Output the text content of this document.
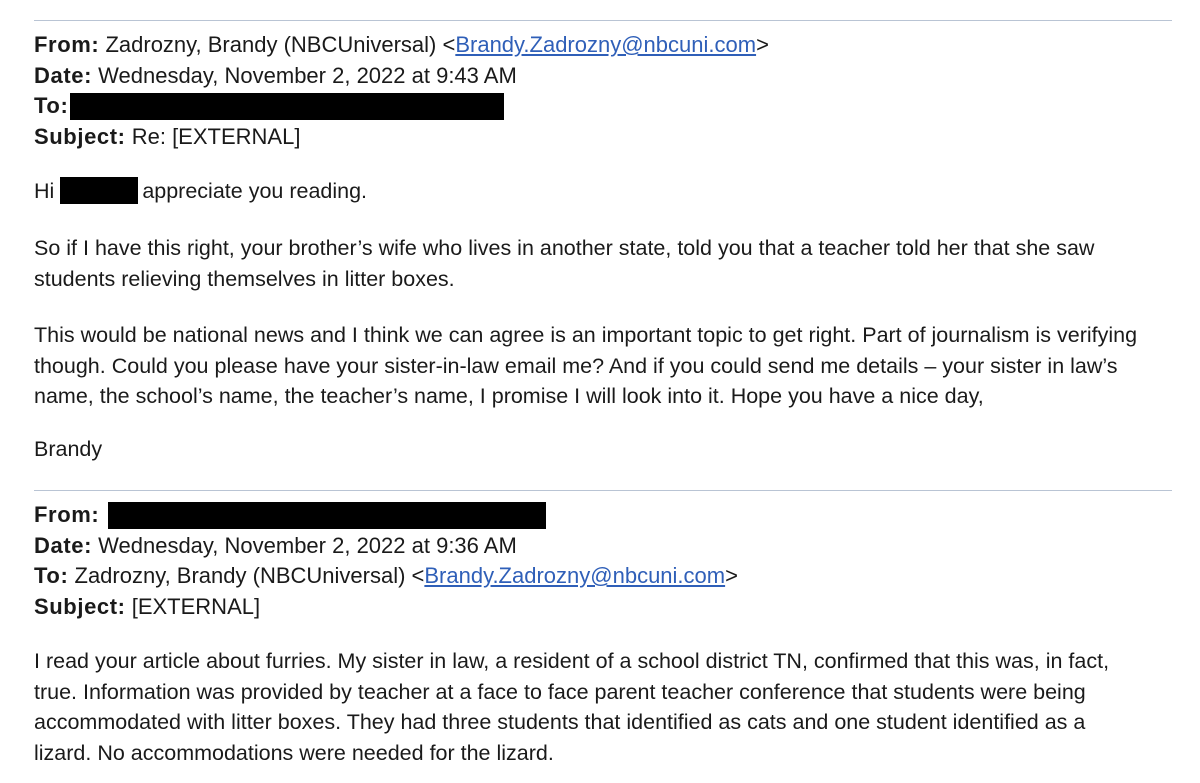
From: Zadrozny, Brandy (NBCUniversal) <Brandy.Zadrozny@nbcuni.com>
Date: Wednesday, November 2, 2022 at 9:43 AM
To:
Subject: Re: [EXTERNAL]

Hi	appreciate you reading.

So if I have this right, your brother’s wife who lives in another state, told you that a teacher told her that she saw

students relieving themselves in litter boxes.

This would be national news and I think we can agree is an important topic to get right. Part of journalism is verifying

though. Could you please have your sister-in-law email me? And if you could send me details – your sister in law’s

name, the school’s name, the teacher’s name, I promise I will look into it. Hope you have a nice day,

Brandy

From:
Date: Wednesday, November 2, 2022 at 9:36 AM
To: Zadrozny, Brandy (NBCUniversal) <Brandy.Zadrozny@nbcuni.com>
Subject: [EXTERNAL]

I read your article about furries. My sister in law, a resident of a school district TN, confirmed that this was, in fact,

true. Information was provided by teacher at a face to face parent teacher conference that students were being

accommodated with litter boxes. They had three students that identified as cats and one student identified as a

lizard. No accommodations were needed for the lizard.
